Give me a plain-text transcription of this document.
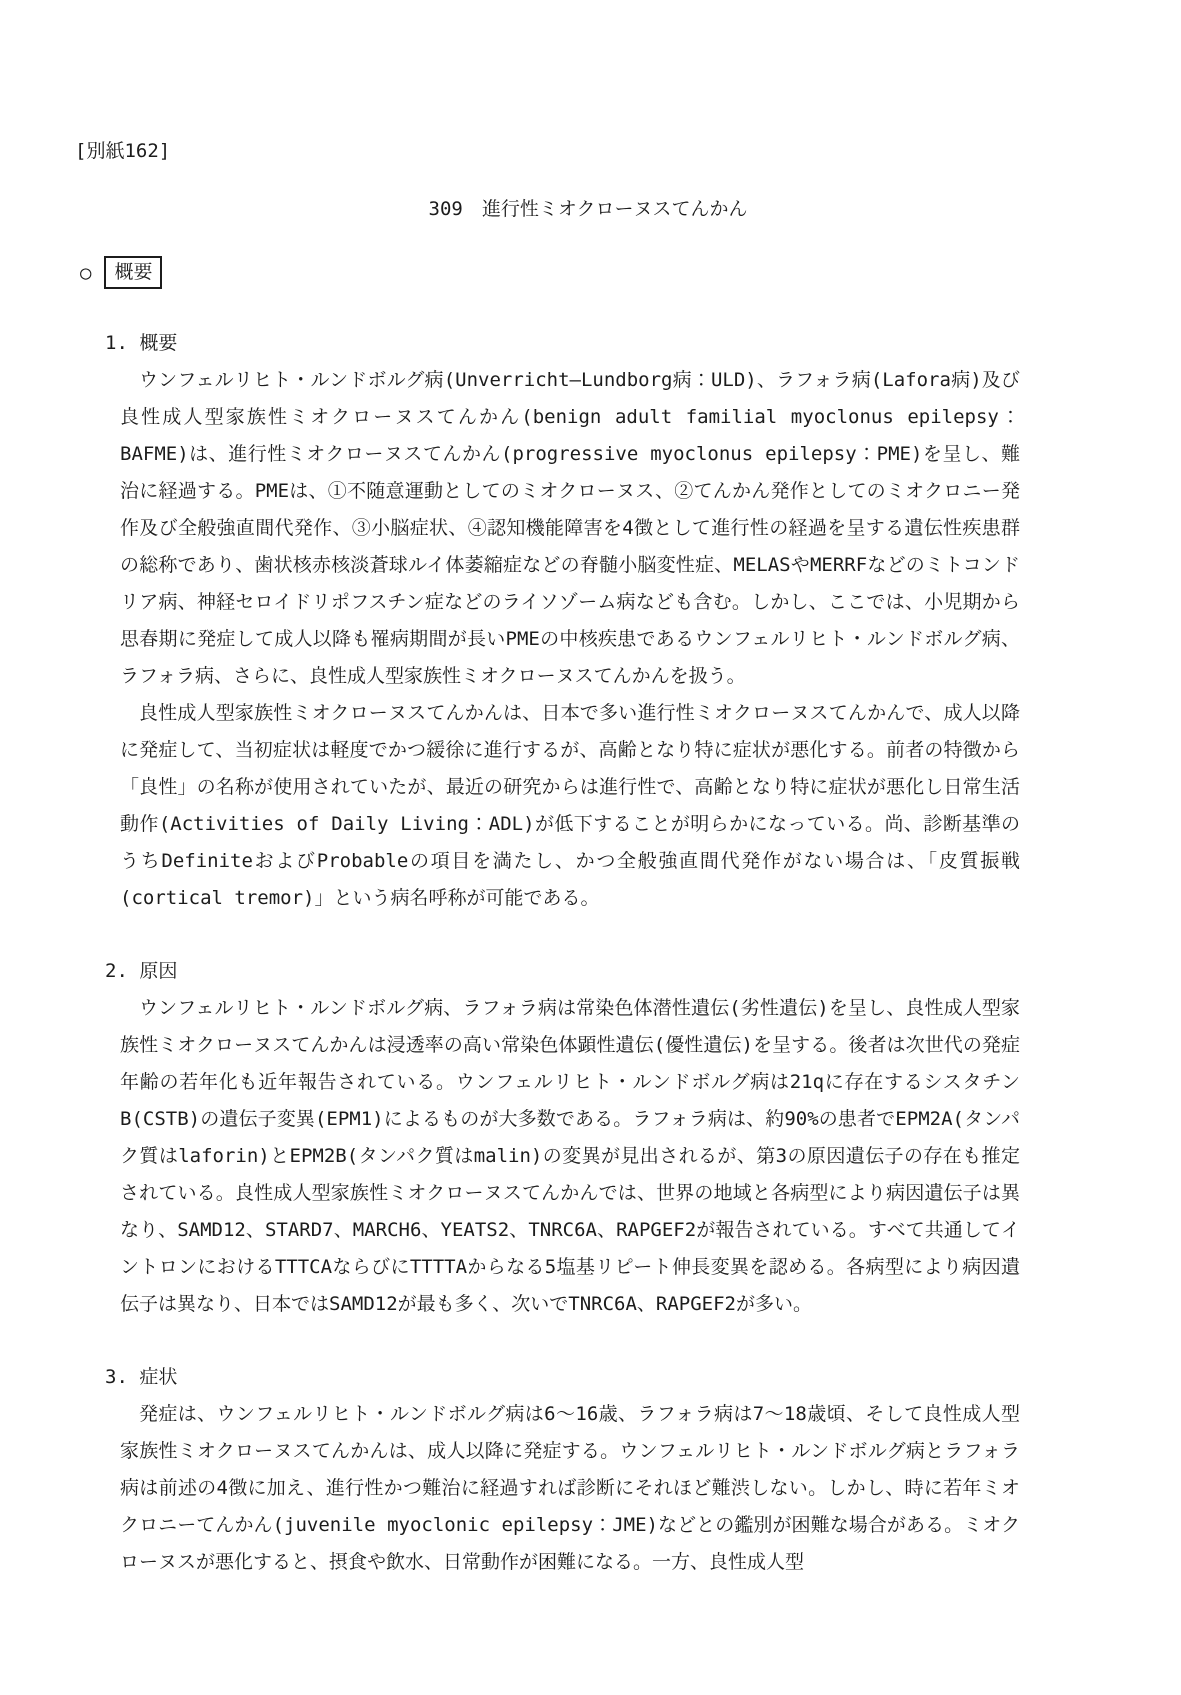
[別紙162]
309　進行性ミオクローヌスてんかん
○	概要
1. 概要

ウンフェルリヒト・ルンドボルグ病(Unverricht―Lundborg病：ULD)、ラフォラ病(Lafora病)及び良性成人型家族性ミオクローヌスてんかん(benign adult familial myoclonus epilepsy：BAFME)は、進行性ミオクローヌスてんかん(progressive myoclonus epilepsy：PME)を呈し、難治に経過する。PMEは、①不随意運動としてのミオクローヌス、②てんかん発作としてのミオクロニー発作及び全般強直間代発作、③小脳症状、④認知機能障害を4徴として進行性の経過を呈する遺伝性疾患群の総称であり、歯状核赤核淡蒼球ルイ体萎縮症などの脊髄小脳変性症、MELASやMERRFなどのミトコンドリア病、神経セロイドリポフスチン症などのライソゾーム病なども含む。しかし、ここでは、小児期から思春期に発症して成人以降も罹病期間が長いPMEの中核疾患であるウンフェルリヒト・ルンドボルグ病、ラフォラ病、さらに、良性成人型家族性ミオクローヌスてんかんを扱う。

良性成人型家族性ミオクローヌスてんかんは、日本で多い進行性ミオクローヌスてんかんで、成人以降に発症して、当初症状は軽度でかつ緩徐に進行するが、高齢となり特に症状が悪化する。前者の特徴から「良性」の名称が使用されていたが、最近の研究からは進行性で、高齢となり特に症状が悪化し日常生活動作(Activities of Daily Living：ADL)が低下することが明らかになっている。尚、診断基準のうちDefiniteおよびProbableの項目を満たし、かつ全般強直間代発作がない場合は、「皮質振戦(cortical tremor)」という病名呼称が可能である。

2. 原因

ウンフェルリヒト・ルンドボルグ病、ラフォラ病は常染色体潜性遺伝(劣性遺伝)を呈し、良性成人型家族性ミオクローヌスてんかんは浸透率の高い常染色体顕性遺伝(優性遺伝)を呈する。後者は次世代の発症年齢の若年化も近年報告されている。ウンフェルリヒト・ルンドボルグ病は21qに存在するシスタチンB(CSTB)の遺伝子変異(EPM1)によるものが大多数である。ラフォラ病は、約90%の患者でEPM2A(タンパク質はlaforin)とEPM2B(タンパク質はmalin)の変異が見出されるが、第3の原因遺伝子の存在も推定されている。良性成人型家族性ミオクローヌスてんかんでは、世界の地域と各病型により病因遺伝子は異なり、SAMD12、STARD7、MARCH6、YEATS2、TNRC6A、RAPGEF2が報告されている。すべて共通してイントロンにおけるTTTCAならびにTTTTAからなる5塩基リピート伸長変異を認める。各病型により病因遺伝子は異なり、日本ではSAMD12が最も多く、次いでTNRC6A、RAPGEF2が多い。

3. 症状

発症は、ウンフェルリヒト・ルンドボルグ病は6〜16歳、ラフォラ病は7〜18歳頃、そして良性成人型家族性ミオクローヌスてんかんは、成人以降に発症する。ウンフェルリヒト・ルンドボルグ病とラフォラ病は前述の4徴に加え、進行性かつ難治に経過すれば診断にそれほど難渋しない。しかし、時に若年ミオクロニーてんかん(juvenile myoclonic epilepsy：JME)などとの鑑別が困難な場合がある。ミオクローヌスが悪化すると、摂食や飲水、日常動作が困難になる。一方、良性成人型
